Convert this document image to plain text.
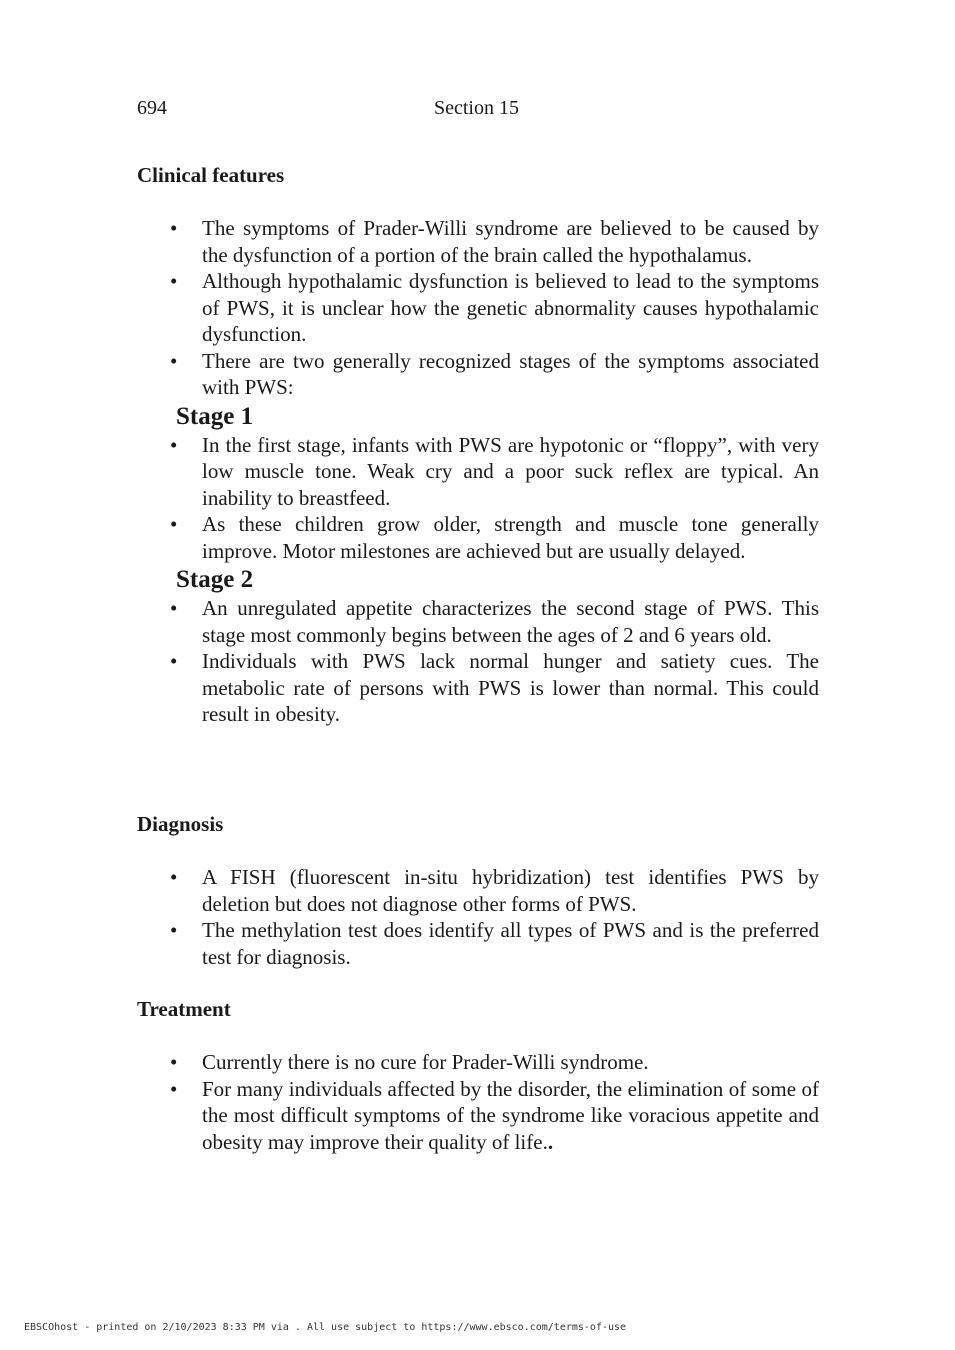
694	Section 15
Clinical features
• The symptoms of Prader-Willi syndrome are believed to be caused by the dysfunction of a portion of the brain called the hypothalamus.
• Although hypothalamic dysfunction is believed to lead to the symptoms of PWS, it is unclear how the genetic abnormality causes hypothalamic dysfunction.
• There are two generally recognized stages of the symptoms associated with PWS:
Stage 1
• In the first stage, infants with PWS are hypotonic or “floppy”, with very low muscle tone. Weak cry and a poor suck reflex are typical. An inability to breastfeed.
• As these children grow older, strength and muscle tone generally improve. Motor milestones are achieved but are usually delayed.
Stage 2
• An unregulated appetite characterizes the second stage of PWS. This stage most commonly begins between the ages of 2 and 6 years old.
• Individuals with PWS lack normal hunger and satiety cues. The metabolic rate of persons with PWS is lower than normal. This could result in obesity.
Diagnosis
• A FISH (fluorescent in-situ hybridization) test identifies PWS by deletion but does not diagnose other forms of PWS.
• The methylation test does identify all types of PWS and is the preferred test for diagnosis.
Treatment
• Currently there is no cure for Prader-Willi syndrome.
• For many individuals affected by the disorder, the elimination of some of the most difficult symptoms of the syndrome like voracious appetite and obesity may improve their quality of life..
EBSCOhost - printed on 2/10/2023 8:33 PM via . All use subject to https://www.ebsco.com/terms-of-use
